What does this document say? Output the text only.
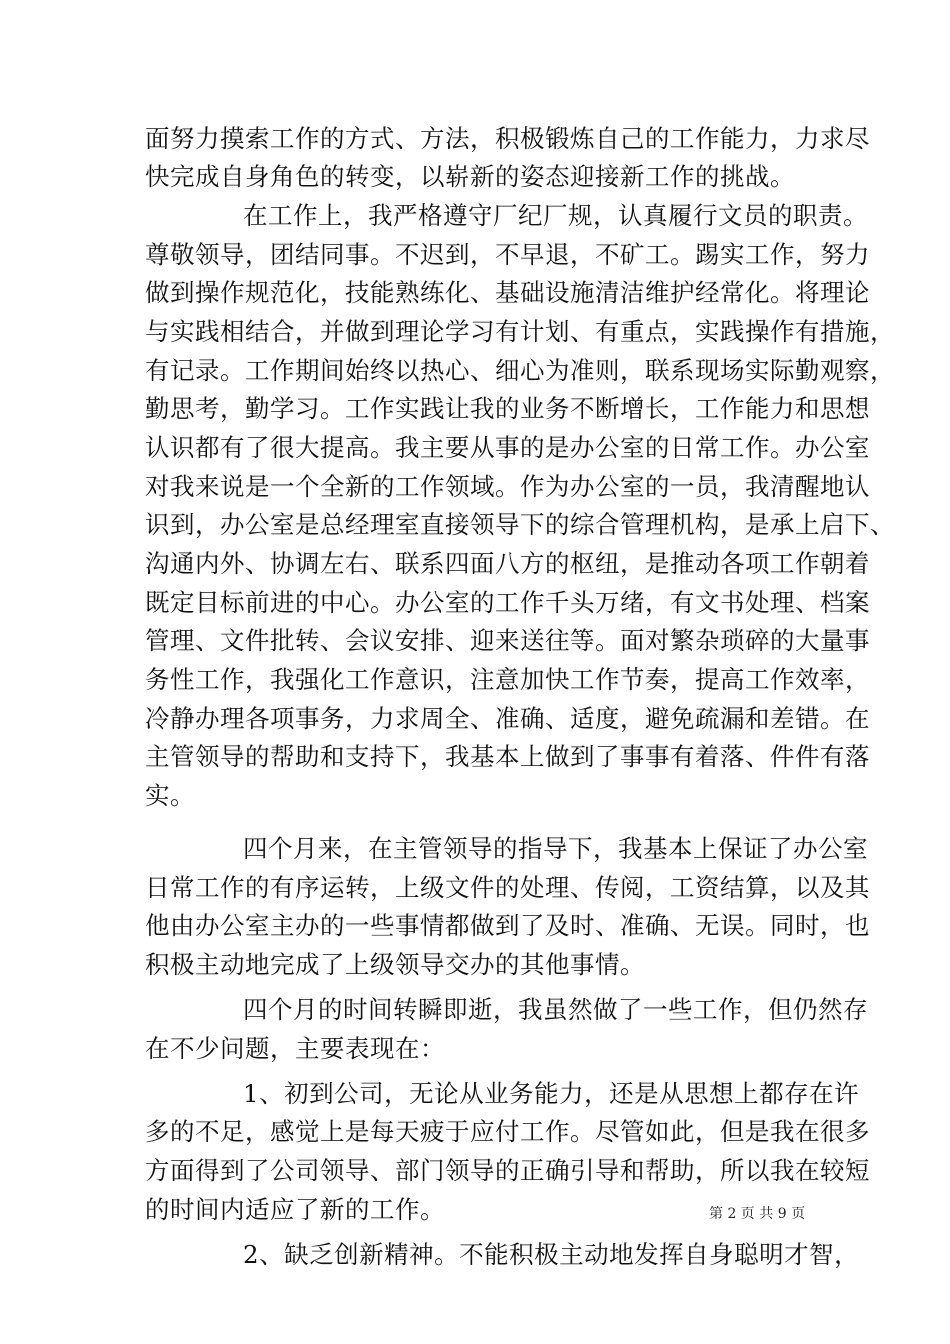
面努力摸索工作的方式、方法，积极锻炼自己的工作能力，力求尽
快完成自身角色的转变，以崭新的姿态迎接新工作的挑战。
在工作上，我严格遵守厂纪厂规，认真履行文员的职责。
尊敬领导，团结同事。不迟到，不早退，不矿工。踢实工作，努力
做到操作规范化，技能熟练化、基础设施清洁维护经常化。将理论
与实践相结合，并做到理论学习有计划、有重点，实践操作有措施，
有记录。工作期间始终以热心、细心为准则，联系现场实际勤观察，
勤思考，勤学习。工作实践让我的业务不断增长，工作能力和思想
认识都有了很大提高。我主要从事的是办公室的日常工作。办公室
对我来说是一个全新的工作领域。作为办公室的一员，我清醒地认
识到，办公室是总经理室直接领导下的综合管理机构，是承上启下、
沟通内外、协调左右、联系四面八方的枢纽，是推动各项工作朝着
既定目标前进的中心。办公室的工作千头万绪，有文书处理、档案
管理、文件批转、会议安排、迎来送往等。面对繁杂琐碎的大量事
务性工作，我强化工作意识，注意加快工作节奏，提高工作效率，
冷静办理各项事务，力求周全、准确、适度，避免疏漏和差错。在
主管领导的帮助和支持下，我基本上做到了事事有着落、件件有落
实。
四个月来，在主管领导的指导下，我基本上保证了办公室
日常工作的有序运转，上级文件的处理、传阅，工资结算，以及其
他由办公室主办的一些事情都做到了及时、准确、无误。同时，也
积极主动地完成了上级领导交办的其他事情。
四个月的时间转瞬即逝，我虽然做了一些工作，但仍然存
在不少问题，主要表现在：
1、初到公司，无论从业务能力，还是从思想上都存在许
多的不足，感觉上是每天疲于应付工作。尽管如此，但是我在很多
方面得到了公司领导、部门领导的正确引导和帮助，所以我在较短
的时间内适应了新的工作。
2、缺乏创新精神。不能积极主动地发挥自身聪明才智，
第 2 页 共 9 页
